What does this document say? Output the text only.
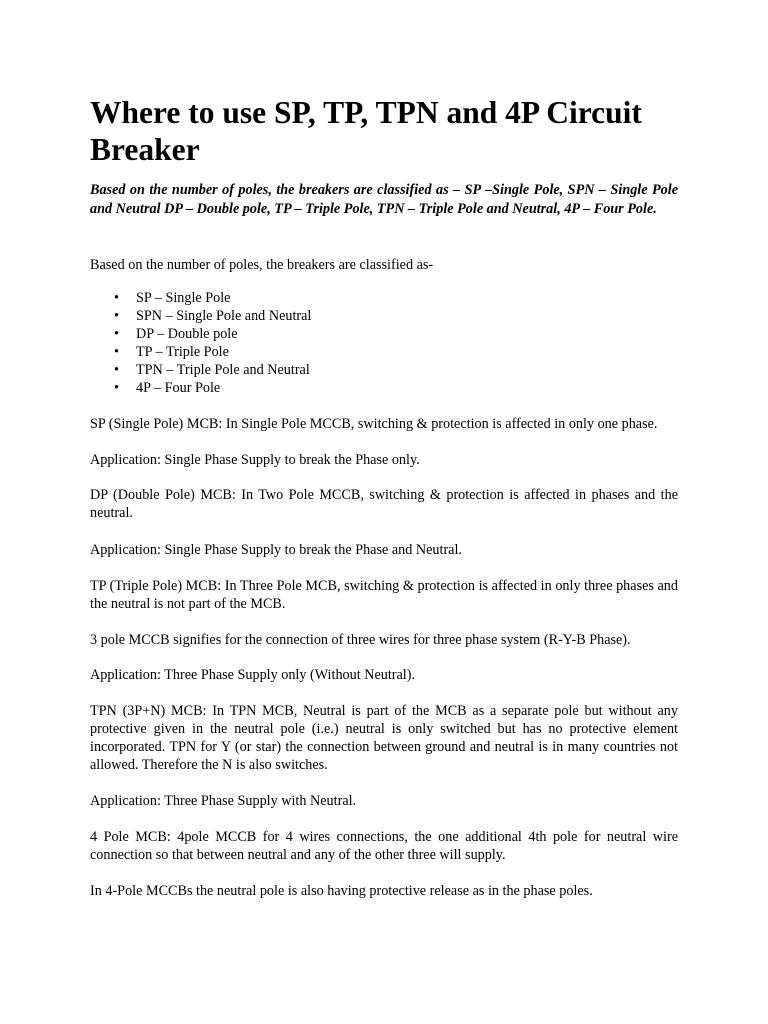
Where to use SP, TP, TPN and 4P Circuit Breaker

Based on the number of poles, the breakers are classified as – SP –Single Pole, SPN – Single Pole and Neutral DP – Double pole, TP – Triple Pole, TPN – Triple Pole and Neutral, 4P – Four Pole.

Based on the number of poles, the breakers are classified as-

• SP – Single Pole
• SPN – Single Pole and Neutral
• DP – Double pole
• TP – Triple Pole
• TPN – Triple Pole and Neutral
• 4P – Four Pole

SP (Single Pole) MCB: In Single Pole MCCB, switching & protection is affected in only one phase.

Application: Single Phase Supply to break the Phase only.

DP (Double Pole) MCB: In Two Pole MCCB, switching & protection is affected in phases and the neutral.

Application: Single Phase Supply to break the Phase and Neutral.

TP (Triple Pole) MCB: In Three Pole MCB, switching & protection is affected in only three phases and the neutral is not part of the MCB.

3 pole MCCB signifies for the connection of three wires for three phase system (R-Y-B Phase).

Application: Three Phase Supply only (Without Neutral).

TPN (3P+N) MCB: In TPN MCB, Neutral is part of the MCB as a separate pole but without any protective given in the neutral pole (i.e.) neutral is only switched but has no protective element incorporated. TPN for Y (or star) the connection between ground and neutral is in many countries not allowed. Therefore the N is also switches.

Application: Three Phase Supply with Neutral.

4 Pole MCB: 4pole MCCB for 4 wires connections, the one additional 4th pole for neutral wire connection so that between neutral and any of the other three will supply.

In 4-Pole MCCBs the neutral pole is also having protective release as in the phase poles.
